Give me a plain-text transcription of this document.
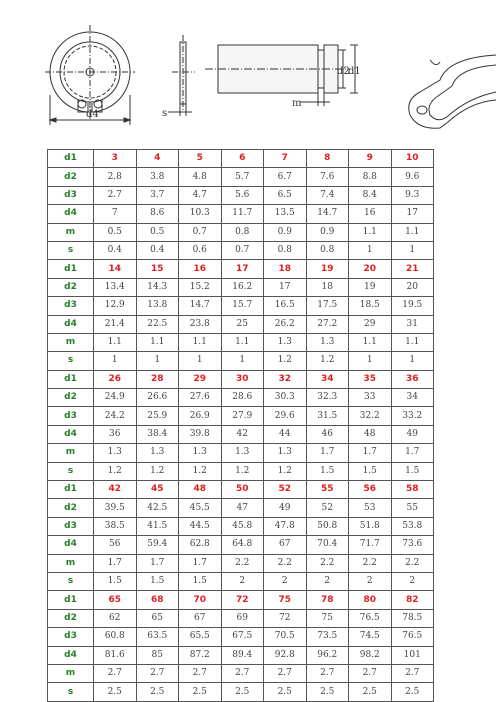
d4	s
d2
d1
m
d1	3	4	5	6	7	8	9	10
d2	2.8	3.8	4.8	5.7	6.7	7.6	8.8	9.6
d3	2.7	3.7	4.7	5.6	6.5	7.4	8.4	9.3
d4	7	8.6	10.3	11.7	13.5	14.7	16	17
m	0.5	0.5	0.7	0.8	0.9	0.9	1.1	1.1
s	0.4	0.4	0.6	0.7	0.8	0.8	1	1
d1	14	15	16	17	18	19	20	21
d2	13.4	14.3	15.2	16.2	17	18	19	20
d3	12.9	13.8	14.7	15.7	16.5	17.5	18.5	19.5
d4	21.4	22.5	23.8	25	26.2	27.2	29	31
m	1.1	1.1	1.1	1.1	1.3	1.3	1.1	1.1
s	1	1	1	1	1.2	1.2	1	1
d1	26	28	29	30	32	34	35	36
d2	24.9	26.6	27.6	28.6	30.3	32.3	33	34
d3	24.2	25.9	26.9	27.9	29.6	31.5	32.2	33.2
d4	36	38.4	39.8	42	44	46	48	49
m	1.3	1.3	1.3	1.3	1.3	1.7	1.7	1.7
s	1.2	1.2	1.2	1.2	1.2	1.5	1.5	1.5
d1	42	45	48	50	52	55	56	58
d2	39.5	42.5	45.5	47	49	52	53	55
d3	38.5	41.5	44.5	45.8	47.8	50.8	51.8	53.8
d4	56	59.4	62.8	64.8	67	70.4	71.7	73.6
m	1.7	1.7	1.7	2.2	2.2	2.2	2.2	2.2
s	1.5	1.5	1.5	2	2	2	2	2
d1	65	68	70	72	75	78	80	82
d2	62	65	67	69	72	75	76.5	78.5
d3	60.8	63.5	65.5	67.5	70.5	73.5	74.5	76.5
d4	81.6	85	87.2	89.4	92.8	96.2	98.2	101
m	2.7	2.7	2.7	2.7	2.7	2.7	2.7	2.7
s	2.5	2.5	2.5	2.5	2.5	2.5	2.5	2.5
